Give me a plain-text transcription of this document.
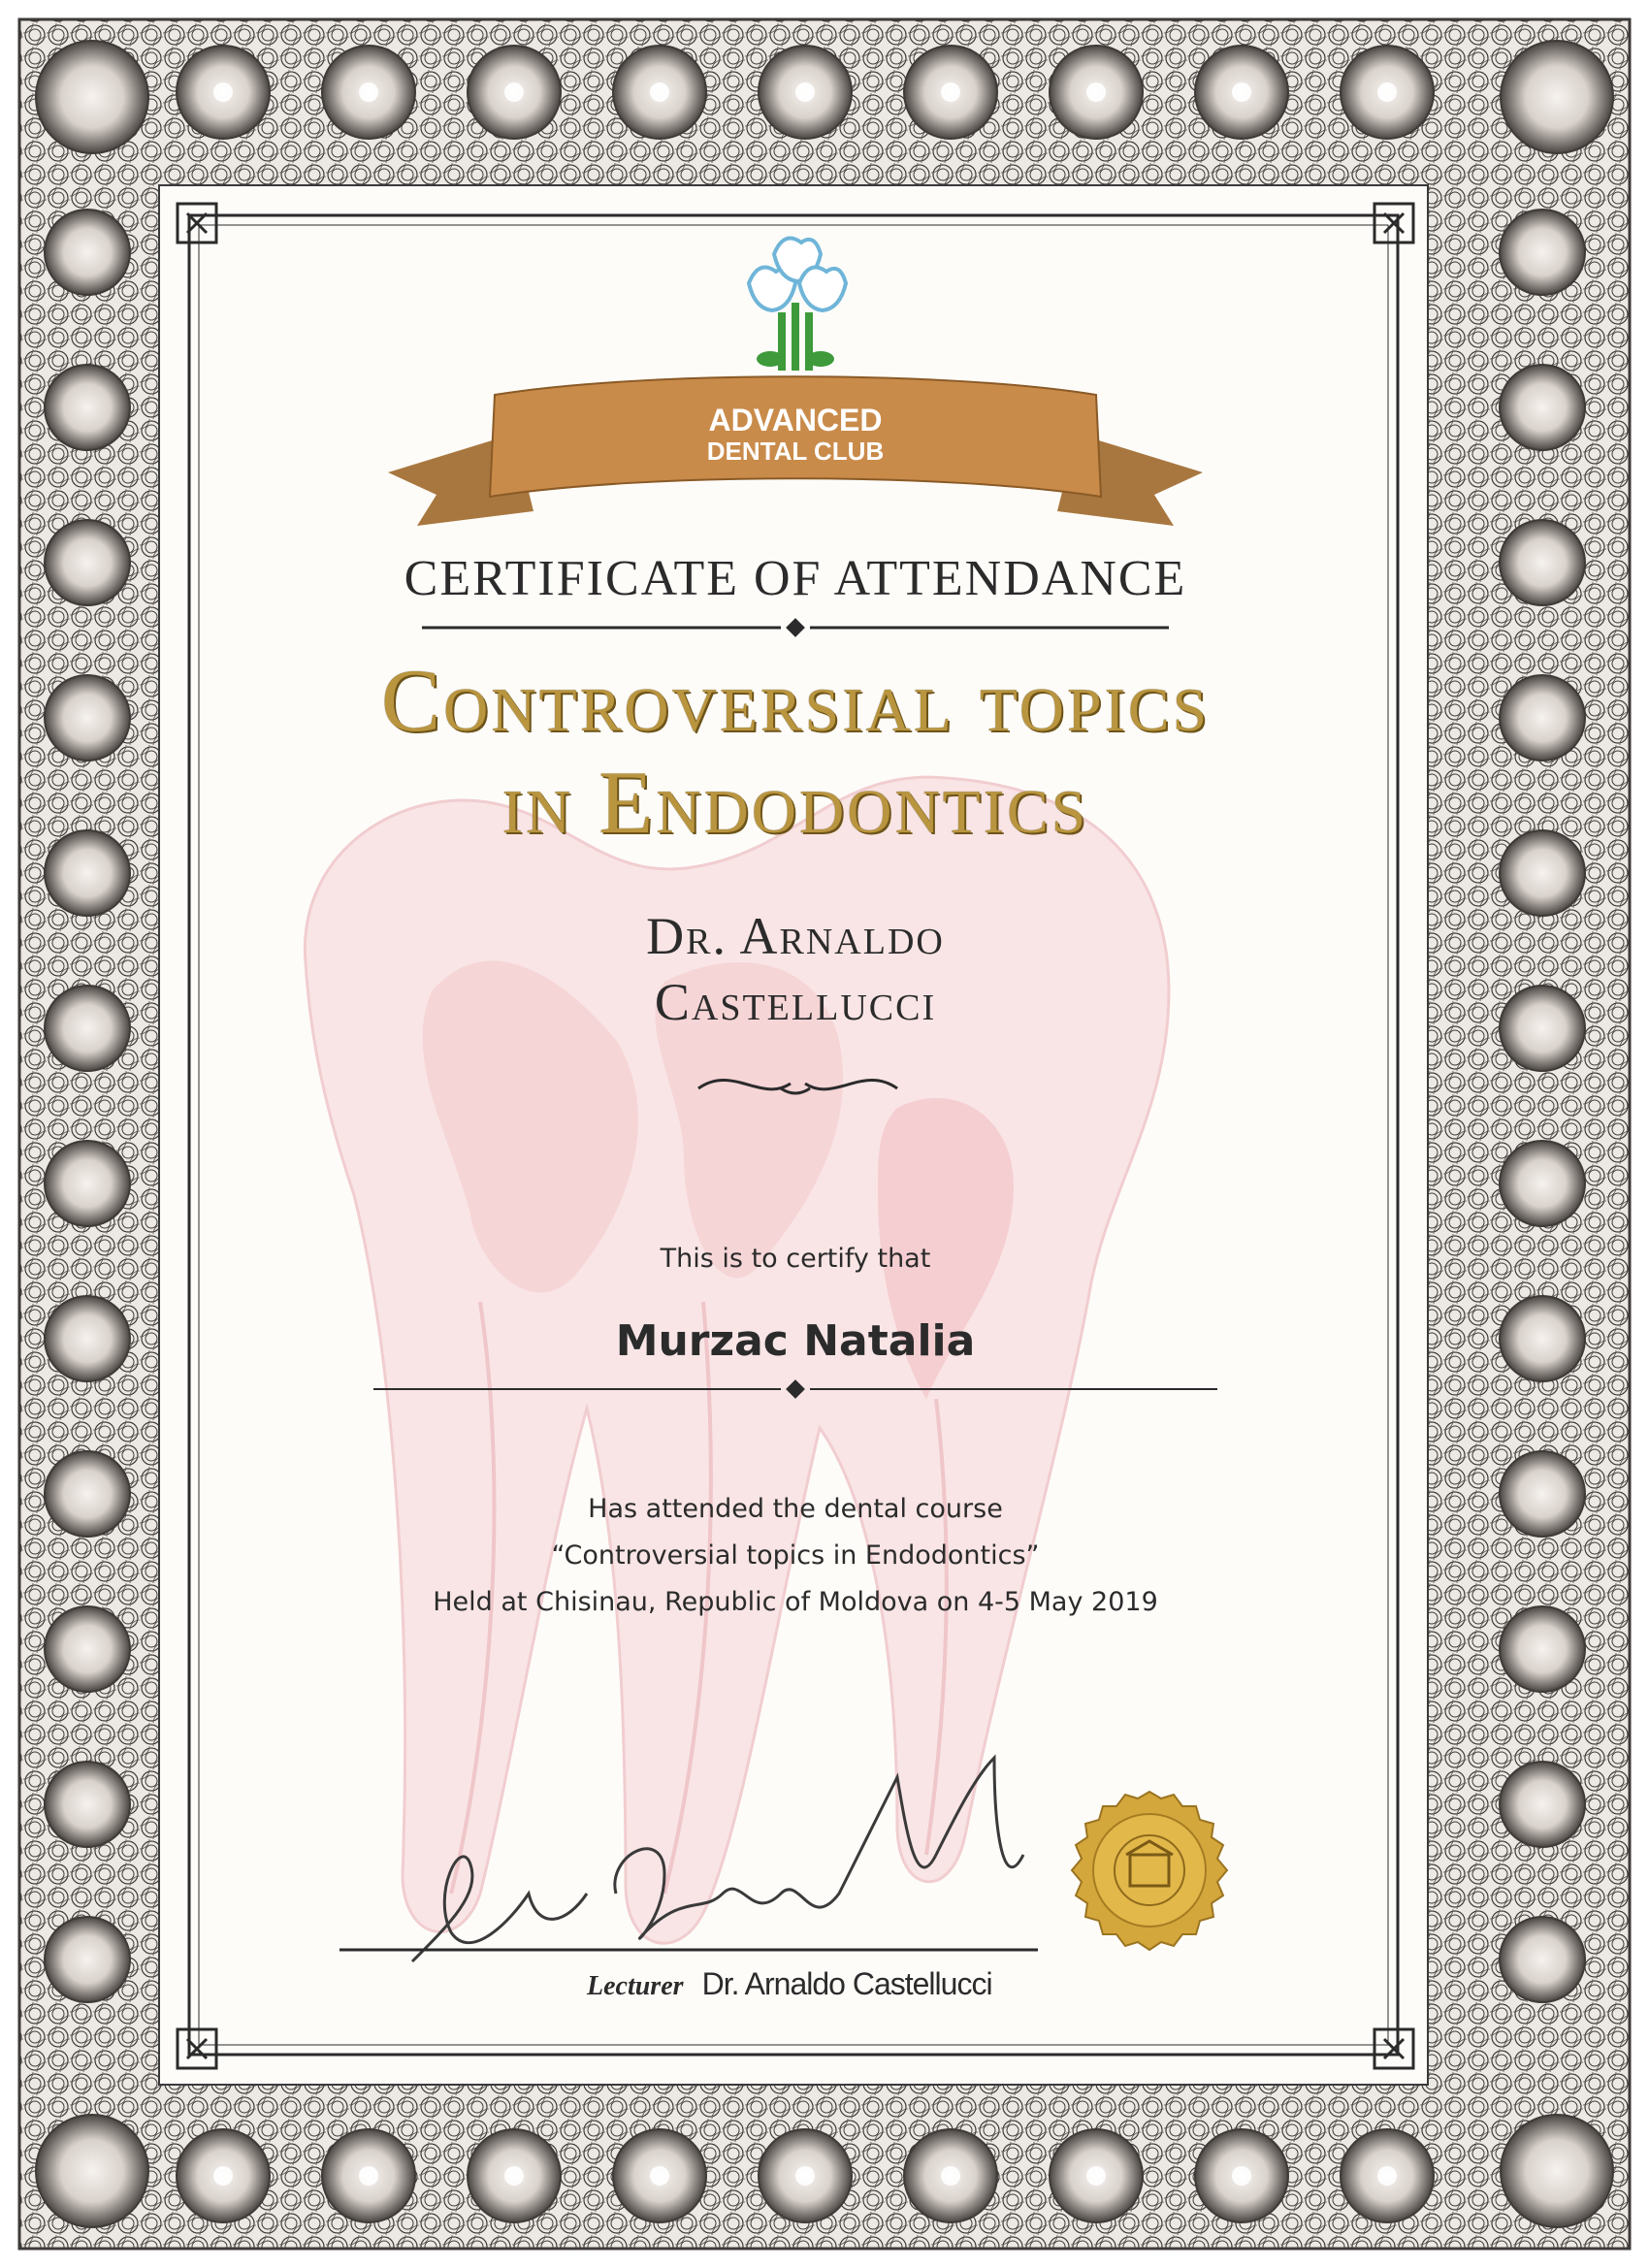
ADVANCED
DENTAL CLUB
CERTIFICATE OF ATTENDANCE
Controversial topics
in Endodontics
Dr. Arnaldo
Castellucci
This is to certify that
Murzac Natalia
Has attended the dental course
“Controversial topics in Endodontics”
Held at Chisinau, Republic of Moldova on 4-5 May 2019
Lecturer Dr. Arnaldo Castellucci
